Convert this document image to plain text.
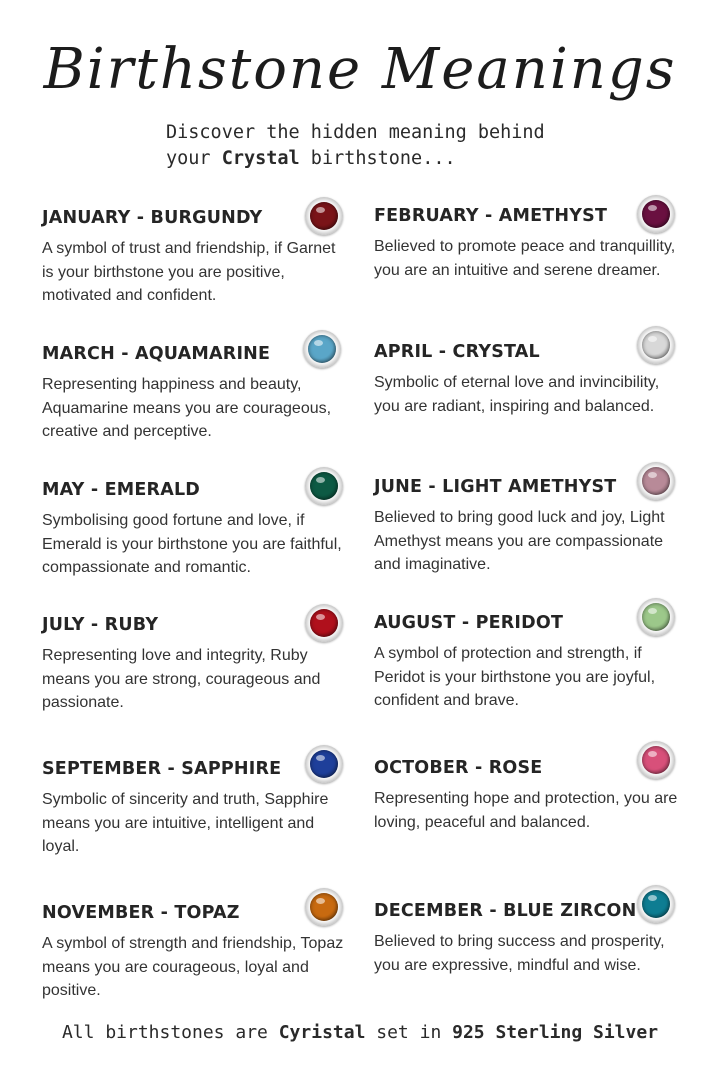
Birthstone Meanings
Discover the hidden meaning behind
your Crystal birthstone...
JANUARY - BURGUNDY

A symbol of trust and friendship, if Garnet is your birthstone you are positive, motivated and confident.

FEBRUARY - AMETHYST

Believed to promote peace and tranquillity, you are an intuitive and serene dreamer.

MARCH - AQUAMARINE

Representing happiness and beauty, Aquamarine means you are courageous, creative and perceptive.

APRIL - CRYSTAL

Symbolic of eternal love and invincibility, you are radiant, inspiring and balanced.

MAY - EMERALD

Symbolising good fortune and love, if Emerald is your birthstone you are faithful, compassionate and romantic.

JUNE - LIGHT AMETHYST

Believed to bring good luck and joy, Light Amethyst means you are compassionate and imaginative.

JULY - RUBY

Representing love and integrity, Ruby means you are strong, courageous and passionate.

AUGUST - PERIDOT

A symbol of protection and strength, if Peridot is your birthstone you are joyful, confident and brave.

SEPTEMBER - SAPPHIRE

Symbolic of sincerity and truth, Sapphire means you are intuitive, intelligent and loyal.

OCTOBER - ROSE

Representing hope and protection, you are loving, peaceful and balanced.

NOVEMBER - TOPAZ

A symbol of strength and friendship, Topaz means you are courageous, loyal and positive.

DECEMBER - BLUE ZIRCON

Believed to bring success and prosperity, you are expressive, mindful and wise.

All birthstones are Cyristal set in 925 Sterling Silver
